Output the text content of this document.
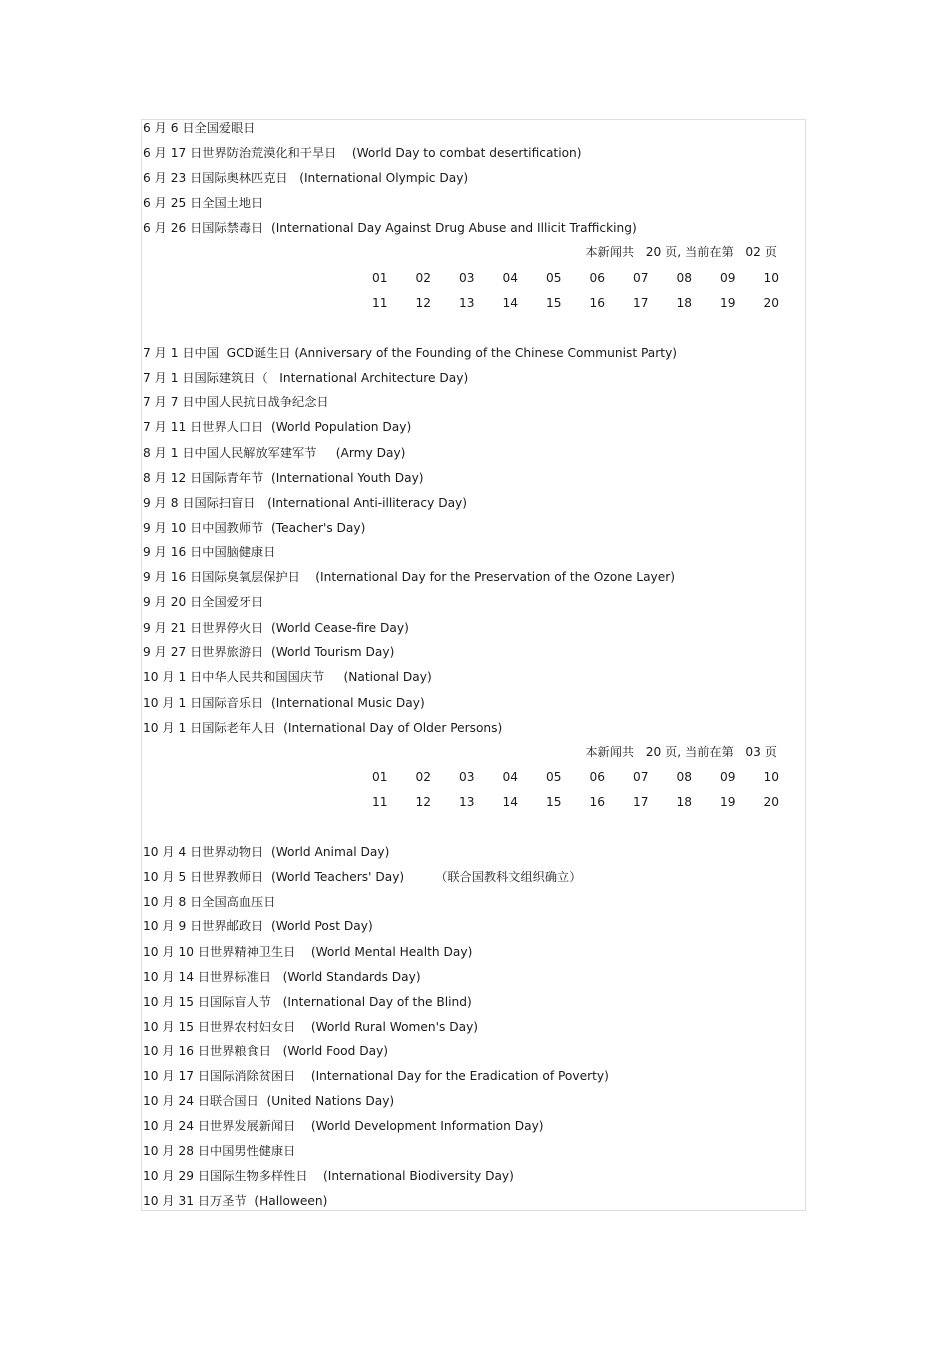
6 月 6 日全国爱眼日
6 月 17 日世界防治荒漠化和干旱日    (World Day to combat desertification)
6 月 23 日国际奥林匹克日   (International Olympic Day)
6 月 25 日全国土地日
6 月 26 日国际禁毒日  (International Day Against Drug Abuse and Illicit Trafficking)
本新闻共   20 页, 当前在第   02 页
01	02	03	04	05	06	07	08	09	10
11	12	13	14	15	16	17	18	19	20
7 月 1 日中国  GCD诞生日 (Anniversary of the Founding of the Chinese Communist Party)
7 月 1 日国际建筑日（   International Architecture Day)
7 月 7 日中国人民抗日战争纪念日
7 月 11 日世界人口日  (World Population Day)
8 月 1 日中国人民解放军建军节     (Army Day)
8 月 12 日国际青年节  (International Youth Day)
9 月 8 日国际扫盲日   (International Anti-illiteracy Day)
9 月 10 日中国教师节  (Teacher's Day)
9 月 16 日中国脑健康日
9 月 16 日国际臭氧层保护日    (International Day for the Preservation of the Ozone Layer)
9 月 20 日全国爱牙日
9 月 21 日世界停火日  (World Cease-fire Day)
9 月 27 日世界旅游日  (World Tourism Day)
10 月 1 日中华人民共和国国庆节     (National Day)
10 月 1 日国际音乐日  (International Music Day)
10 月 1 日国际老年人日  (International Day of Older Persons)
本新闻共   20 页, 当前在第   03 页
01	02	03	04	05	06	07	08	09	10
11	12	13	14	15	16	17	18	19	20
10 月 4 日世界动物日  (World Animal Day)
10 月 5 日世界教师日  (World Teachers' Day)        （联合国教科文组织确立）
10 月 8 日全国高血压日
10 月 9 日世界邮政日  (World Post Day)
10 月 10 日世界精神卫生日    (World Mental Health Day)
10 月 14 日世界标准日   (World Standards Day)
10 月 15 日国际盲人节   (International Day of the Blind)
10 月 15 日世界农村妇女日    (World Rural Women's Day)
10 月 16 日世界粮食日   (World Food Day)
10 月 17 日国际消除贫困日    (International Day for the Eradication of Poverty)
10 月 24 日联合国日  (United Nations Day)
10 月 24 日世界发展新闻日    (World Development Information Day)
10 月 28 日中国男性健康日
10 月 29 日国际生物多样性日    (International Biodiversity Day)
10 月 31 日万圣节  (Halloween)
